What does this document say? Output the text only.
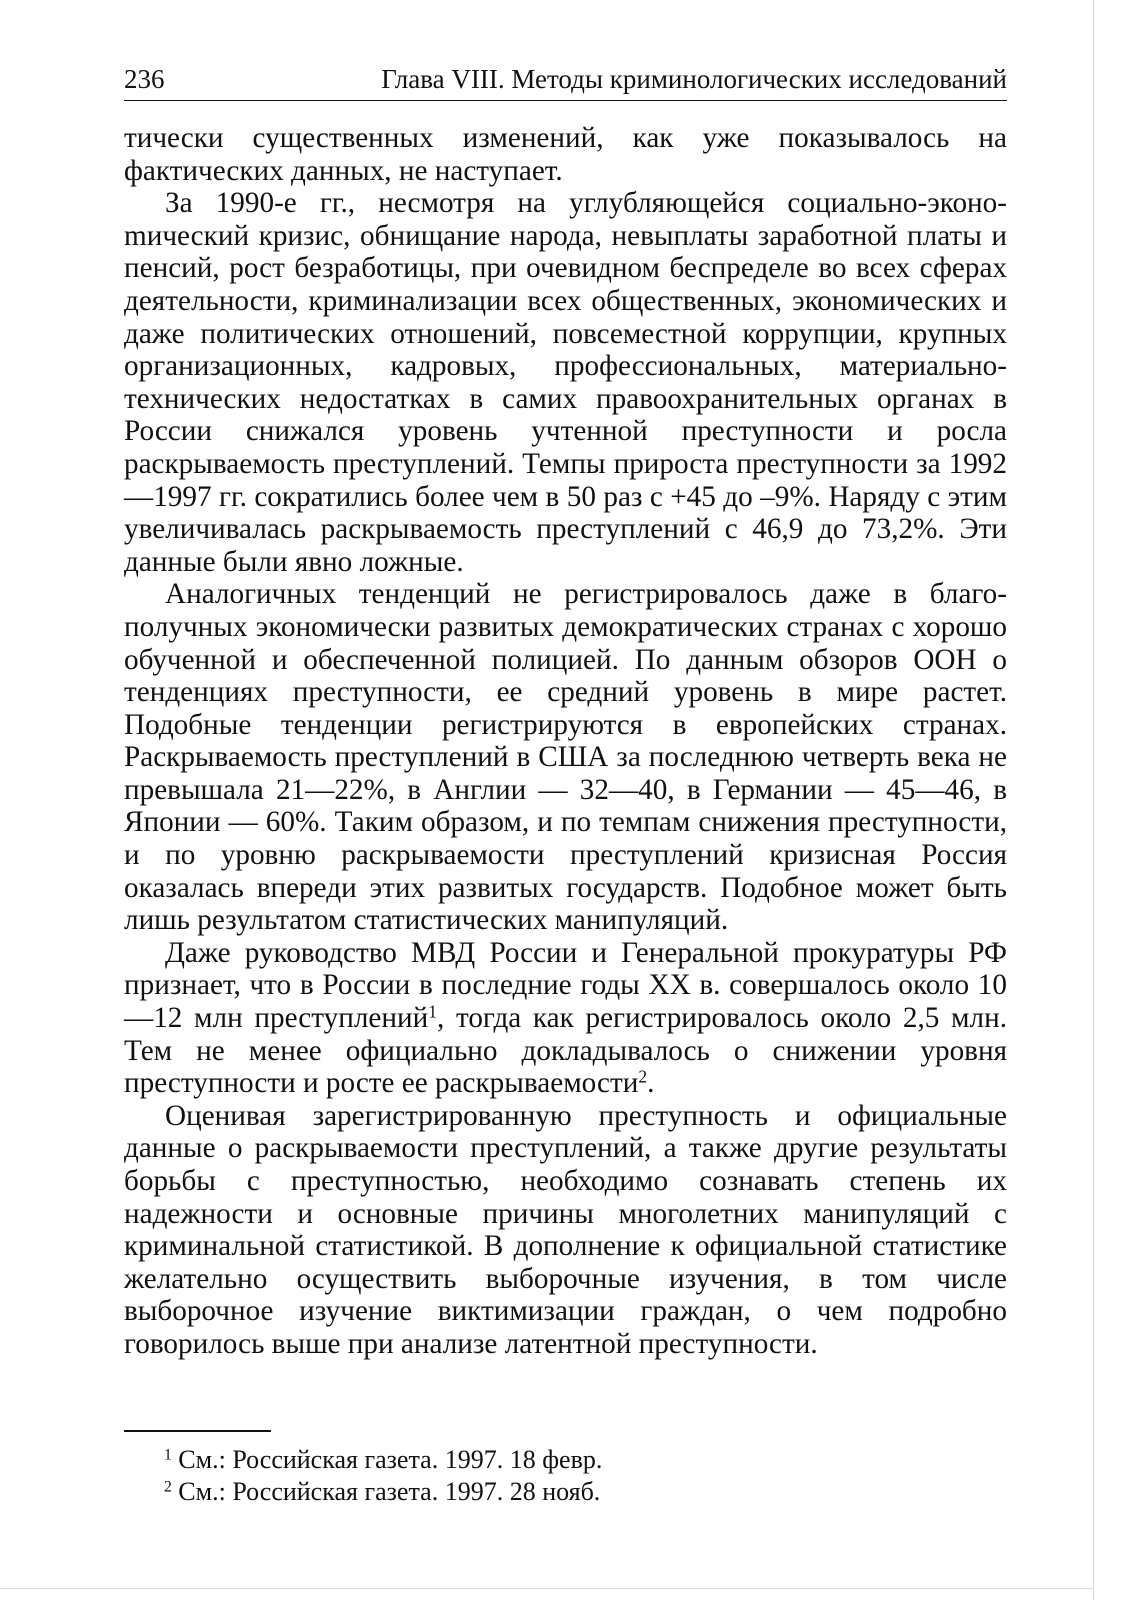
236	Глава VIII. Методы криминологических исследований

тически существенных изменений, как уже показывалось на фактических данных, не наступает.

За 1990-е гг., несмотря на углубляющейся социально-эконоmический кризис, обнищание народа, невыплаты заработной платы и пенсий, рост безработицы, при очевидном беспределе во всех сферах деятельности, криминализации всех общественных, экономических и даже политических отношений, повсеместной коррупции, крупных организационных, кадровых, профессиональных, материально-технических недостатках в самих правоохранительных органах в России снижался уровень учтенной преступности и росла раскрываемость преступлений. Темпы прироста преступности за 1992—1997 гг. сократились более чем в 50 раз с +45 до –9%. Наряду с этим увеличивалась раскрываемость преступлений с 46,9 до 73,2%. Эти данные были явно ложные.

Аналогичных тенденций не регистрировалось даже в благополучных экономически развитых демократических странах с хорошо обученной и обеспеченной полицией. По данным обзоров ООН о тенденциях преступности, ее средний уровень в мире растет. Подобные тенденции регистрируются в европейских странах. Раскрываемость преступлений в США за последнюю четверть века не превышала 21—22%, в Англии — 32—40, в Германии — 45—46, в Японии — 60%. Таким образом, и по темпам снижения преступности, и по уровню раскрываемости преступлений кризисная Россия оказалась впереди этих развитых государств. Подобное может быть лишь результатом статистических манипуляций.

Даже руководство МВД России и Генеральной прокуратуры РФ признает, что в России в последние годы XX в. совершалось около 10—12 млн преступлений$^1$, тогда как регистрировалось около 2,5 млн. Тем не менее официально докладывалось о снижении уровня преступности и росте ее раскрываемости$^2$.

Оценивая зарегистрированную преступность и официальные данные о раскрываемости преступлений, а также другие результаты борьбы с преступностью, необходимо сознавать степень их надежности и основные причины многолетних манипуляций с криминальной статистикой. В дополнение к официальной статистике желательно осуществить выборочные изучения, в том числе выборочное изучение виктимизации граждан, о чем подробно говорилось выше при анализе латентной преступности.

$^1$ См.: Российская газета. 1997. 18 февр.

$^2$ См.: Российская газета. 1997. 28 нояб.
